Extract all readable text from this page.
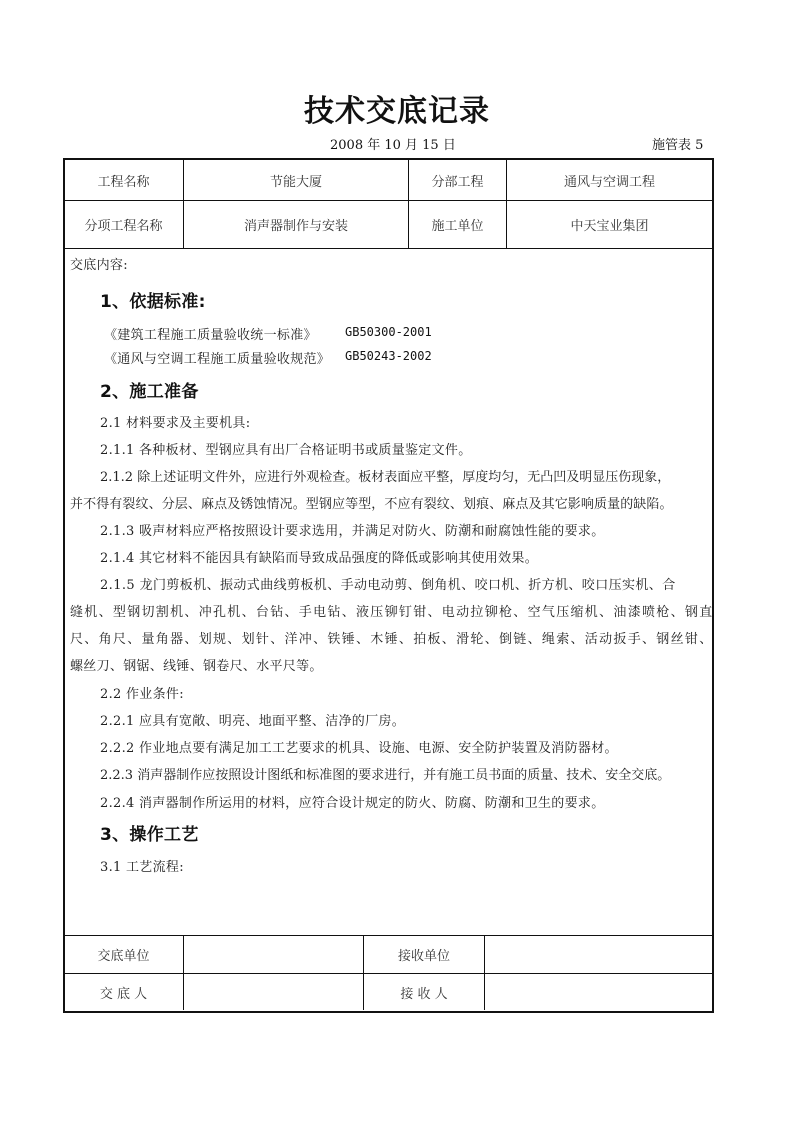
技术交底记录
2008 年 10 月 15 日	施管表 5
工程名称	节能大厦	分部工程	通风与空调工程
分项工程名称	消声器制作与安装	施工单位	中天宝业集团
交底内容:
1、依据标准:
《建筑工程施工质量验收统一标准》 GB50300-2001
《通风与空调工程施工质量验收规范》 GB50243-2002
2、施工准备
2.1 材料要求及主要机具:
2.1.1 各种板材、型钢应具有出厂合格证明书或质量鉴定文件。
2.1.2 除上述证明文件外，应进行外观检查。板材表面应平整，厚度均匀，无凸凹及明显压伤现象，
并不得有裂纹、分层、麻点及锈蚀情况。型钢应等型，不应有裂纹、划痕、麻点及其它影响质量的缺陷。
2.1.3 吸声材料应严格按照设计要求选用，并满足对防火、防潮和耐腐蚀性能的要求。
2.1.4 其它材料不能因具有缺陷而导致成品强度的降低或影响其使用效果。
2.1.5 龙门剪板机、振动式曲线剪板机、手动电动剪、倒角机、咬口机、折方机、咬口压实机、合
缝机、型钢切割机、冲孔机、台钻、手电钻、液压铆钉钳、电动拉铆枪、空气压缩机、油漆喷枪、钢直
尺、角尺、量角器、划规、划针、洋冲、铁锤、木锤、拍板、滑轮、倒链、绳索、活动扳手、钢丝钳、
螺丝刀、钢锯、线锤、钢卷尺、水平尺等。
2.2 作业条件:
2.2.1 应具有宽敞、明亮、地面平整、洁净的厂房。
2.2.2 作业地点要有满足加工工艺要求的机具、设施、电源、安全防护装置及消防器材。
2.2.3 消声器制作应按照设计图纸和标准图的要求进行，并有施工员书面的质量、技术、安全交底。
2.2.4 消声器制作所运用的材料，应符合设计规定的防火、防腐、防潮和卫生的要求。
3、操作工艺
3.1 工艺流程:
交底单位	接收单位
交 底 人	接 收 人
